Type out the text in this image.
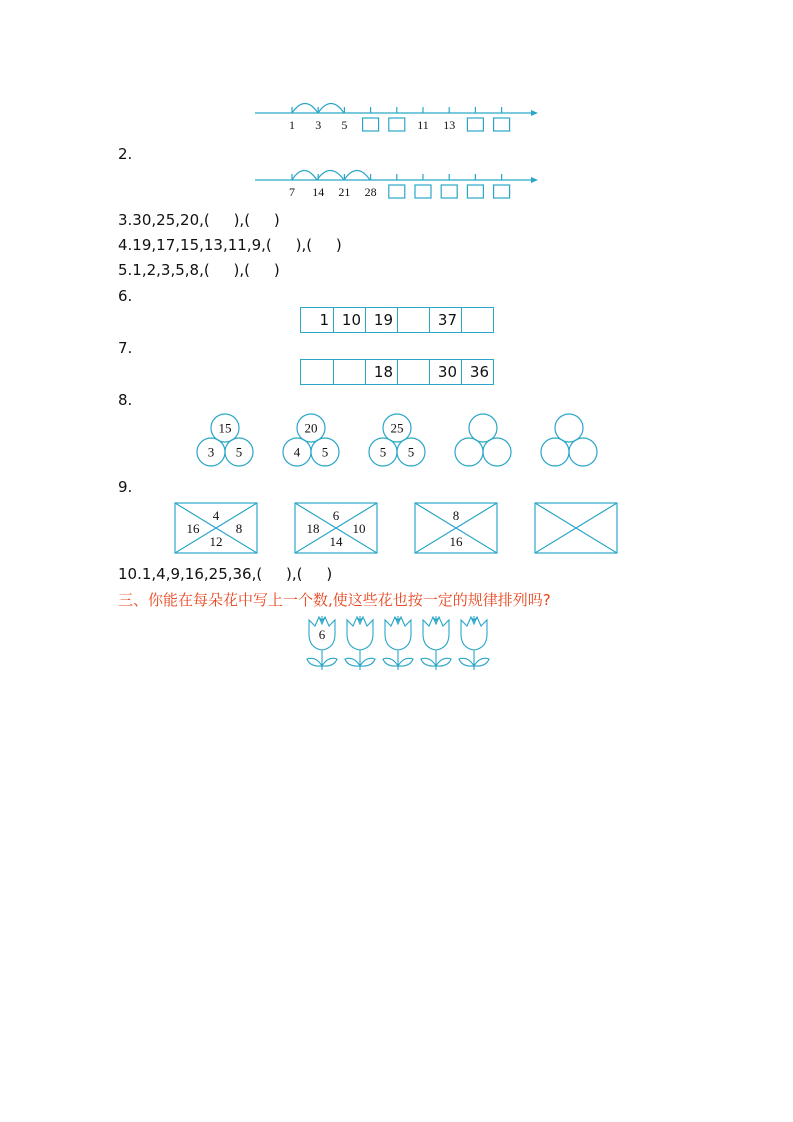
1 3 5	11 13
2.
7 14 21 28
3.30,25,20,(     ),(     )
4.19,17,15,13,11,9,(     ),(     )
5.1,2,3,5,8,(     ),(     )
6.
1 10 19	37
7.
18	30 36
8.
15
3 5
20
4 5
25
5 5
9.
4
16	8
12
6
18	10
14
8
16
10.1,4,9,16,25,36,(     ),(     )
三、你能在每朵花中写上一个数,使这些花也按一定的规律排列吗?
6
